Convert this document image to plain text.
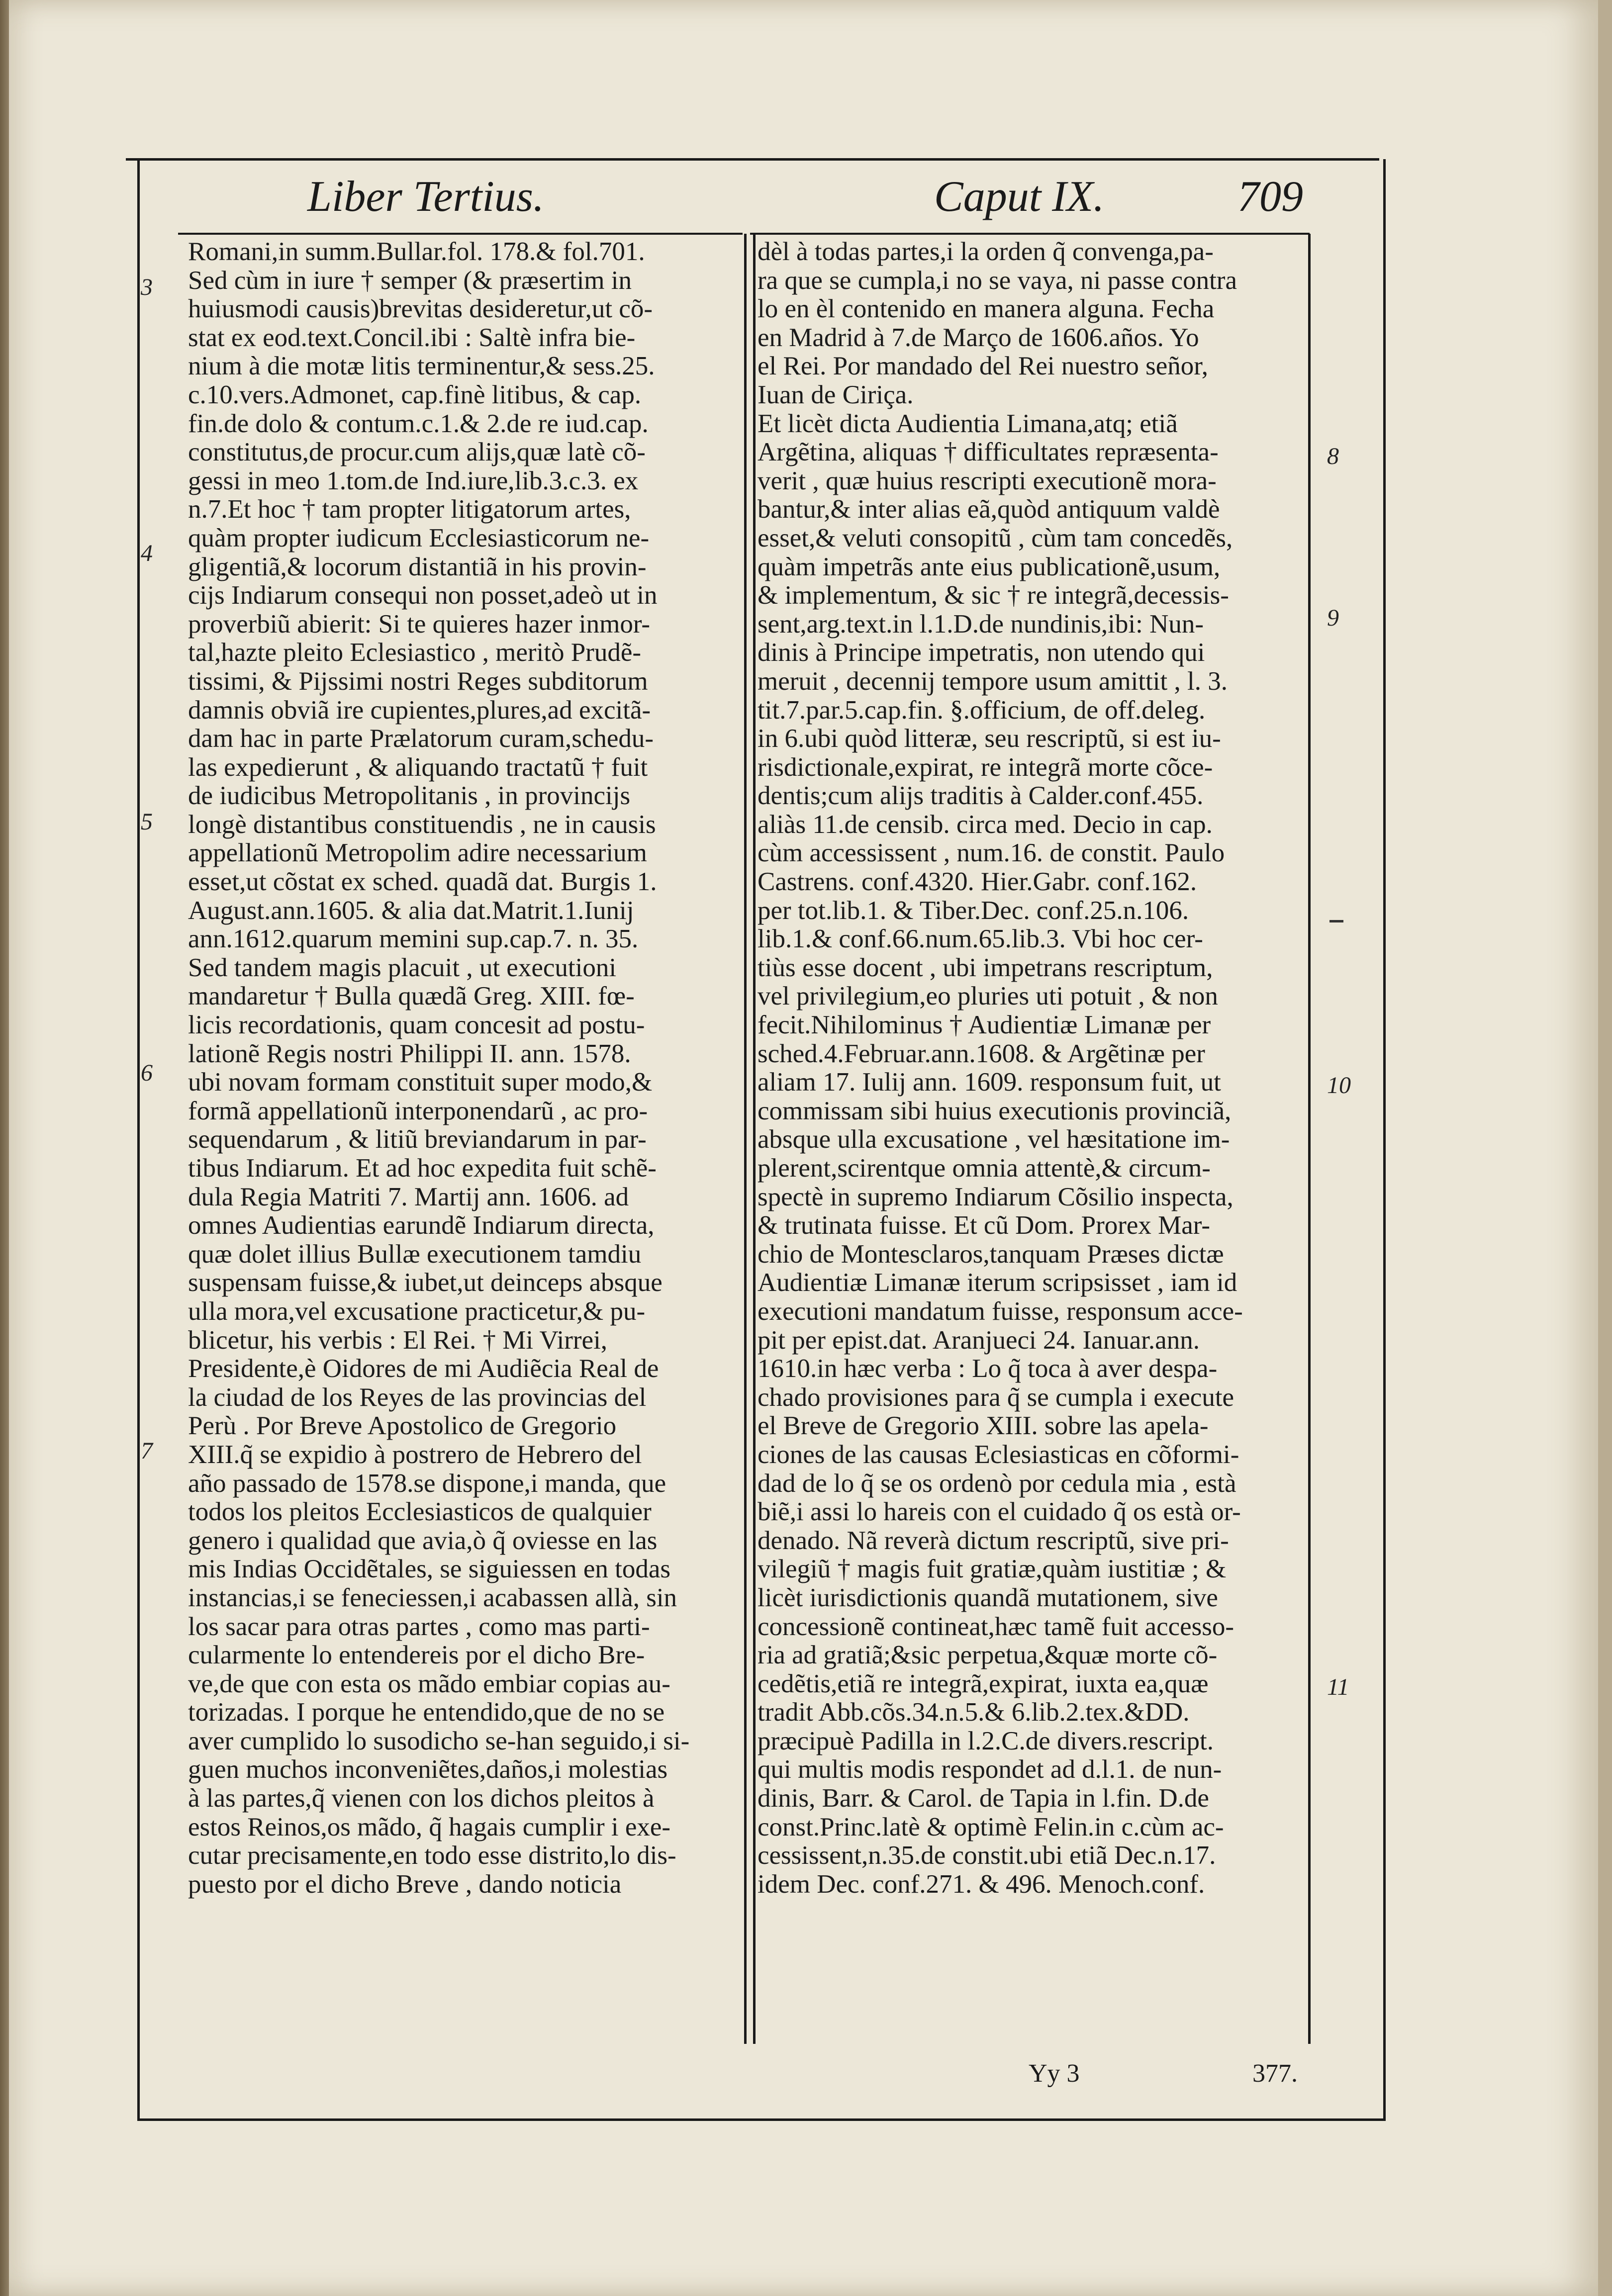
Liber Tertius.	Caput IX.	709
Romani,in summ.Bullar.fol. 178.& fol.701.
Sed cùm in iure † semper (& præsertim in
huiusmodi causis)brevitas desideretur,ut cõ-
stat ex eod.text.Concil.ibi : Saltè infra bie-
nium à die motæ litis terminentur,& sess.25.
c.10.vers.Admonet, cap.finè litibus, & cap.
fin.de dolo & contum.c.1.& 2.de re iud.cap.
constitutus,de procur.cum alijs,quæ latè cõ-
gessi in meo 1.tom.de Ind.iure,lib.3.c.3. ex
n.7.Et hoc † tam propter litigatorum artes,
quàm propter iudicum Ecclesiasticorum ne-
gligentiã,& locorum distantiã in his provin-
cijs Indiarum consequi non posset,adeò ut in
proverbiũ abierit: Si te quieres hazer inmor-
tal,hazte pleito Eclesiastico , meritò Prudẽ-
tissimi, & Pijssimi nostri Reges subditorum
damnis obviã ire cupientes,plures,ad excitã-
dam hac in parte Prælatorum curam,schedu-
las expedierunt , & aliquando tractatũ † fuit
de iudicibus Metropolitanis , in provincijs
longè distantibus constituendis , ne in causis
appellationũ Metropolim adire necessarium
esset,ut cõstat ex sched. quadã dat. Burgis 1.
August.ann.1605. & alia dat.Matrit.1.Iunij
ann.1612.quarum memini sup.cap.7. n. 35.
Sed tandem magis placuit , ut executioni
mandaretur † Bulla quædã Greg. XIII. fœ-
licis recordationis, quam concesit ad postu-
lationẽ Regis nostri Philippi II. ann. 1578.
ubi novam formam constituit super modo,&
formã appellationũ interponendarũ , ac pro-
sequendarum , & litiũ breviandarum in par-
tibus Indiarum. Et ad hoc expedita fuit schẽ-
dula Regia Matriti 7. Martij ann. 1606. ad
omnes Audientias earundẽ Indiarum directa,
quæ dolet illius Bullæ executionem tamdiu
suspensam fuisse,& iubet,ut deinceps absque
ulla mora,vel excusatione practicetur,& pu-
blicetur, his verbis : El Rei. † Mi Virrei,
Presidente,è Oidores de mi Audiẽcia Real de
la ciudad de los Reyes de las provincias del
Perù . Por Breve Apostolico de Gregorio
XIII.q̃ se expidio à postrero de Hebrero del
año passado de 1578.se dispone,i manda, que
todos los pleitos Ecclesiasticos de qualquier
genero i qualidad que avia,ò q̃ oviesse en las
mis Indias Occidẽtales, se siguiessen en todas
instancias,i se feneciessen,i acabassen allà, sin
los sacar para otras partes , como mas parti-
cularmente lo entendereis por el dicho Bre-
ve,de que con esta os mãdo embiar copias au-
torizadas. I porque he entendido,que de no se
aver cumplido lo susodicho se-han seguido,i si-
guen muchos inconveniẽtes,daños,i molestias
à las partes,q̃ vienen con los dichos pleitos à
estos Reinos,os mãdo, q̃ hagais cumplir i exe-
cutar precisamente,en todo esse distrito,lo dis-
puesto por el dicho Breve , dando noticia
dèl à todas partes,i la orden q̃ convenga,pa-
ra que se cumpla,i no se vaya, ni passe contra
lo en èl contenido en manera alguna. Fecha
en Madrid à 7.de Março de 1606.años. Yo
el Rei. Por mandado del Rei nuestro señor,
Iuan de Ciriça.
Et licèt dicta Audientia Limana,atq; etiã
Argẽtina, aliquas † difficultates repræsenta-
verit , quæ huius rescripti executionẽ mora-
bantur,& inter alias eã,quòd antiquum valdè
esset,& veluti consopitũ , cùm tam concedẽs,
quàm impetrãs ante eius publicationẽ,usum,
& implementum, & sic † re integrã,decessis-
sent,arg.text.in l.1.D.de nundinis,ibi: Nun-
dinis à Principe impetratis, non utendo qui
meruit , decennij tempore usum amittit , l. 3.
tit.7.par.5.cap.fin. §.officium, de off.deleg.
in 6.ubi quòd litteræ, seu rescriptũ, si est iu-
risdictionale,expirat, re integrã morte cõce-
dentis;cum alijs traditis à Calder.conf.455.
aliàs 11.de censib. circa med. Decio in cap.
cùm accessissent , num.16. de constit. Paulo
Castrens. conf.4320. Hier.Gabr. conf.162.
per tot.lib.1. & Tiber.Dec. conf.25.n.106.
lib.1.& conf.66.num.65.lib.3. Vbi hoc cer-
tiùs esse docent , ubi impetrans rescriptum,
vel privilegium,eo pluries uti potuit , & non
fecit.Nihilominus † Audientiæ Limanæ per
sched.4.Februar.ann.1608. & Argẽtinæ per
aliam 17. Iulij ann. 1609. responsum fuit, ut
commissam sibi huius executionis provinciã,
absque ulla excusatione , vel hæsitatione im-
plerent,scirentque omnia attentè,& circum-
spectè in supremo Indiarum Cõsilio inspecta,
& trutinata fuisse. Et cũ Dom. Prorex Mar-
chio de Montesclaros,tanquam Præses dictæ
Audientiæ Limanæ iterum scripsisset , iam id
executioni mandatum fuisse, responsum acce-
pit per epist.dat. Aranjueci 24. Ianuar.ann.
1610.in hæc verba : Lo q̃ toca à aver despa-
chado provisiones para q̃ se cumpla i execute
el Breve de Gregorio XIII. sobre las apela-
ciones de las causas Eclesiasticas en cõformi-
dad de lo q̃ se os ordenò por cedula mia , està
biẽ,i assi lo hareis con el cuidado q̃ os està or-
denado. Nã reverà dictum rescriptũ, sive pri-
vilegiũ † magis fuit gratiæ,quàm iustitiæ ; &
licèt iurisdictionis quandã mutationem, sive
concessionẽ contineat,hæc tamẽ fuit accesso-
ria ad gratiã;&sic perpetua,&quæ morte cõ-
cedẽtis,etiã re integrã,expirat, iuxta ea,quæ
tradit Abb.cõs.34.n.5.& 6.lib.2.tex.&DD.
præcipuè Padilla in l.2.C.de divers.rescript.
qui multis modis respondet ad d.l.1. de nun-
dinis, Barr. & Carol. de Tapia in l.fin. D.de
const.Princ.latè & optimè Felin.in c.cùm ac-
cessissent,n.35.de constit.ubi etiã Dec.n.17.
idem Dec. conf.271. & 496. Menoch.conf.
3
4
5
6
7
8
9
10
11
Yy 3	377.
